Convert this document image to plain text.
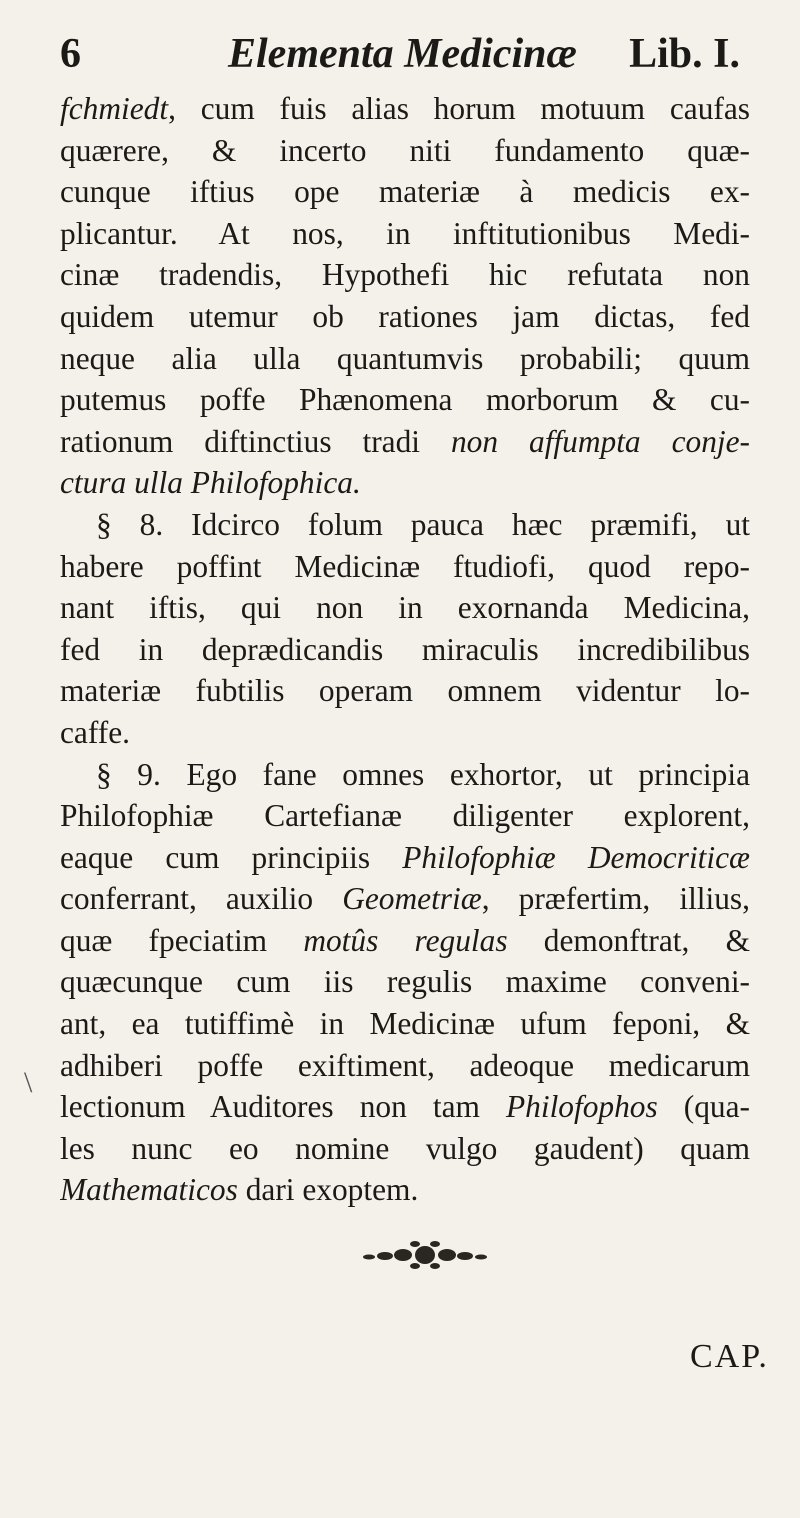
6	Elementa Medicinæ Lib. I.
\
fchmiedt, cum fuis alias horum motuum caufas
quærere, & incerto niti fundamento quæ-
cunque iftius ope materiæ à medicis ex-
plicantur. At nos, in inftitutionibus Medi-
cinæ tradendis, Hypothefi hic refutata non
quidem utemur ob rationes jam dictas, fed
neque alia ulla quantumvis probabili; quum
putemus poffe Phænomena morborum & cu-
rationum diftinctius tradi non affumpta conje-
ctura ulla Philofophica.
§ 8. Idcirco folum pauca hæc præmifi, ut
habere poffint Medicinæ ftudiofi, quod repo-
nant iftis, qui non in exornanda Medicina,
fed in deprædicandis miraculis incredibilibus
materiæ fubtilis operam omnem videntur lo-
caffe.
§ 9. Ego fane omnes exhortor, ut principia
Philofophiæ Cartefianæ diligenter explorent,
eaque cum principiis Philofophiæ Democriticæ
conferrant, auxilio Geometriæ, præfertim, illius,
quæ fpeciatim motûs regulas demonftrat, &
quæcunque cum iis regulis maxime conveni-
ant, ea tutiffimè in Medicinæ ufum feponi, &
adhiberi poffe exiftiment, adeoque medicarum
lectionum Auditores non tam Philofophos (qua-
les nunc eo nomine vulgo gaudent) quam
Mathematicos dari exoptem.
CAP.
